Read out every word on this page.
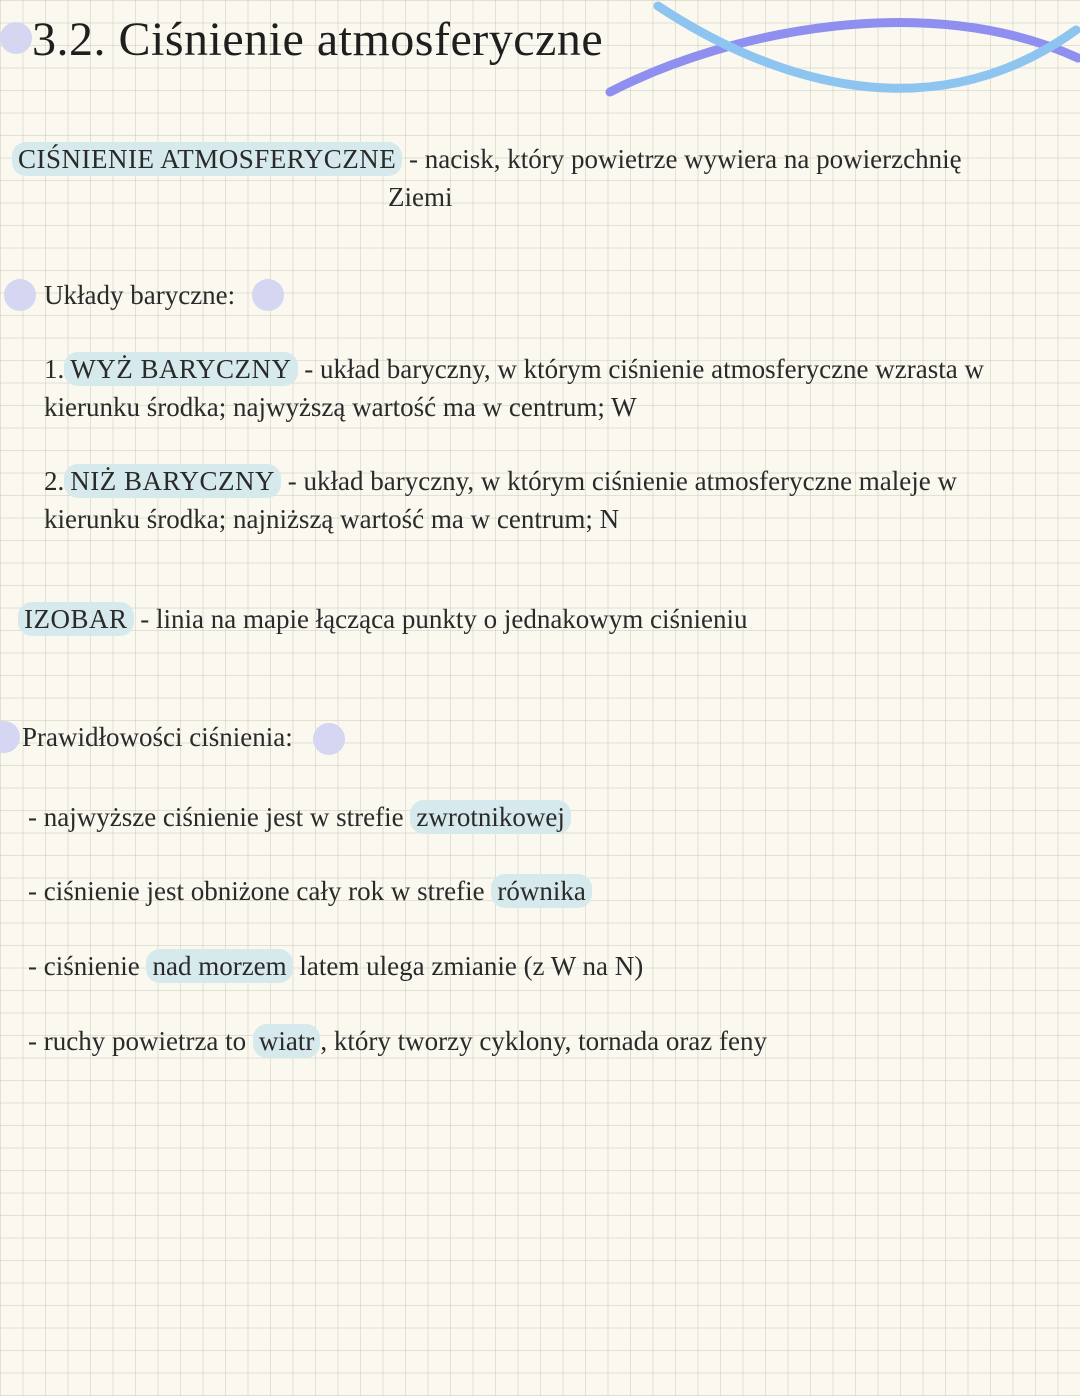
3.2. Ciśnienie atmosferyczne
CIŚNIENIE ATMOSFERYCZNE - nacisk, który powietrze wywiera na powierzchnię
Ziemi
Układy baryczne:
1. WYŻ BARYCZNY - układ baryczny, w którym ciśnienie atmosferyczne wzrasta w
kierunku środka; najwyższą wartość ma w centrum; W
2. NIŻ BARYCZNY - układ baryczny, w którym ciśnienie atmosferyczne maleje w
kierunku środka; najniższą wartość ma w centrum; N
IZOBAR - linia na mapie łącząca punkty o jednakowym ciśnieniu
Prawidłowości ciśnienia:
- najwyższe ciśnienie jest w strefie zwrotnikowej
- ciśnienie jest obniżone cały rok w strefie równika
- ciśnienie nad morzem latem ulega zmianie (z W na N)
- ruchy powietrza to wiatr , który tworzy cyklony, tornada oraz feny
